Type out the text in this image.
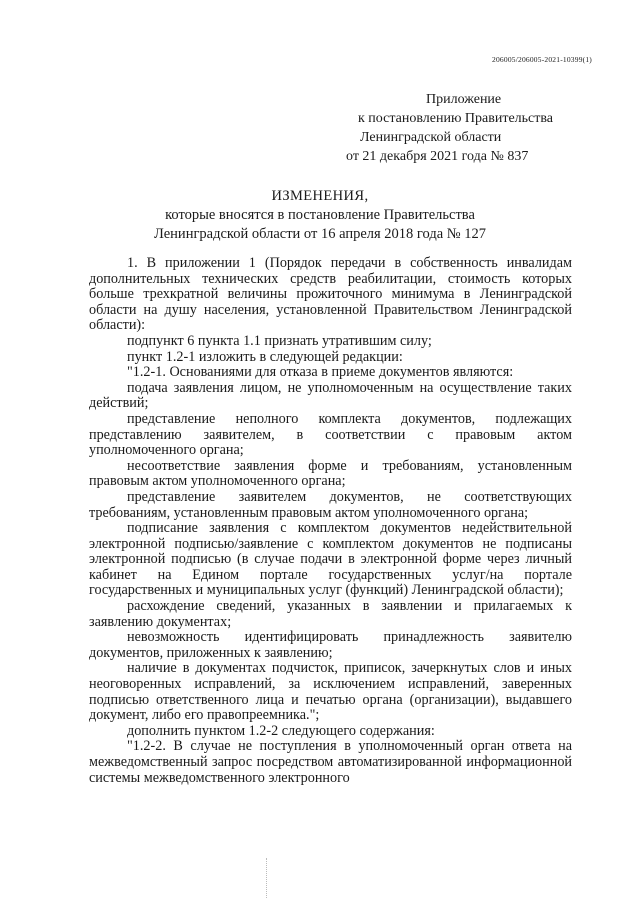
206005/206005-2021-10399(1)
Приложение
к постановлению Правительства
Ленинградской области
от 21 декабря 2021 года № 837
ИЗМЕНЕНИЯ,
которые вносятся в постановление Правительства
Ленинградской области от 16 апреля 2018 года № 127

1. В приложении 1 (Порядок передачи в собственность инвалидам дополнительных технических средств реабилитации, стоимость которых больше трехкратной величины прожиточного минимума в Ленинградской области на душу населения, установленной Правительством Ленинградской области):

подпункт 6 пункта 1.1 признать утратившим силу;

пункт 1.2-1 изложить в следующей редакции:

"1.2-1. Основаниями для отказа в приеме документов являются:

подача заявления лицом, не уполномоченным на осуществление таких действий;

представление неполного комплекта документов, подлежащих представлению заявителем, в соответствии с правовым актом уполномоченного органа;

несоответствие заявления форме и требованиям, установленным правовым актом уполномоченного органа;

представление заявителем документов, не соответствующих требованиям, установленным правовым актом уполномоченного органа;

подписание заявления с комплектом документов недействительной электронной подписью/заявление с комплектом документов не подписаны электронной подписью (в случае подачи в электронной форме через личный кабинет на Едином портале государственных услуг/на портале государственных и муниципальных услуг (функций) Ленинградской области);

расхождение сведений, указанных в заявлении и прилагаемых к заявлению документах;

невозможность идентифицировать принадлежность заявителю документов, приложенных к заявлению;

наличие в документах подчисток, приписок, зачеркнутых слов и иных неоговоренных исправлений, за исключением исправлений, заверенных подписью ответственного лица и печатью органа (организации), выдавшего документ, либо его правопреемника.";

дополнить пунктом 1.2-2 следующего содержания:

"1.2-2. В случае не поступления в уполномоченный орган ответа на межведомственный запрос посредством автоматизированной информационной системы межведомственного электронного
